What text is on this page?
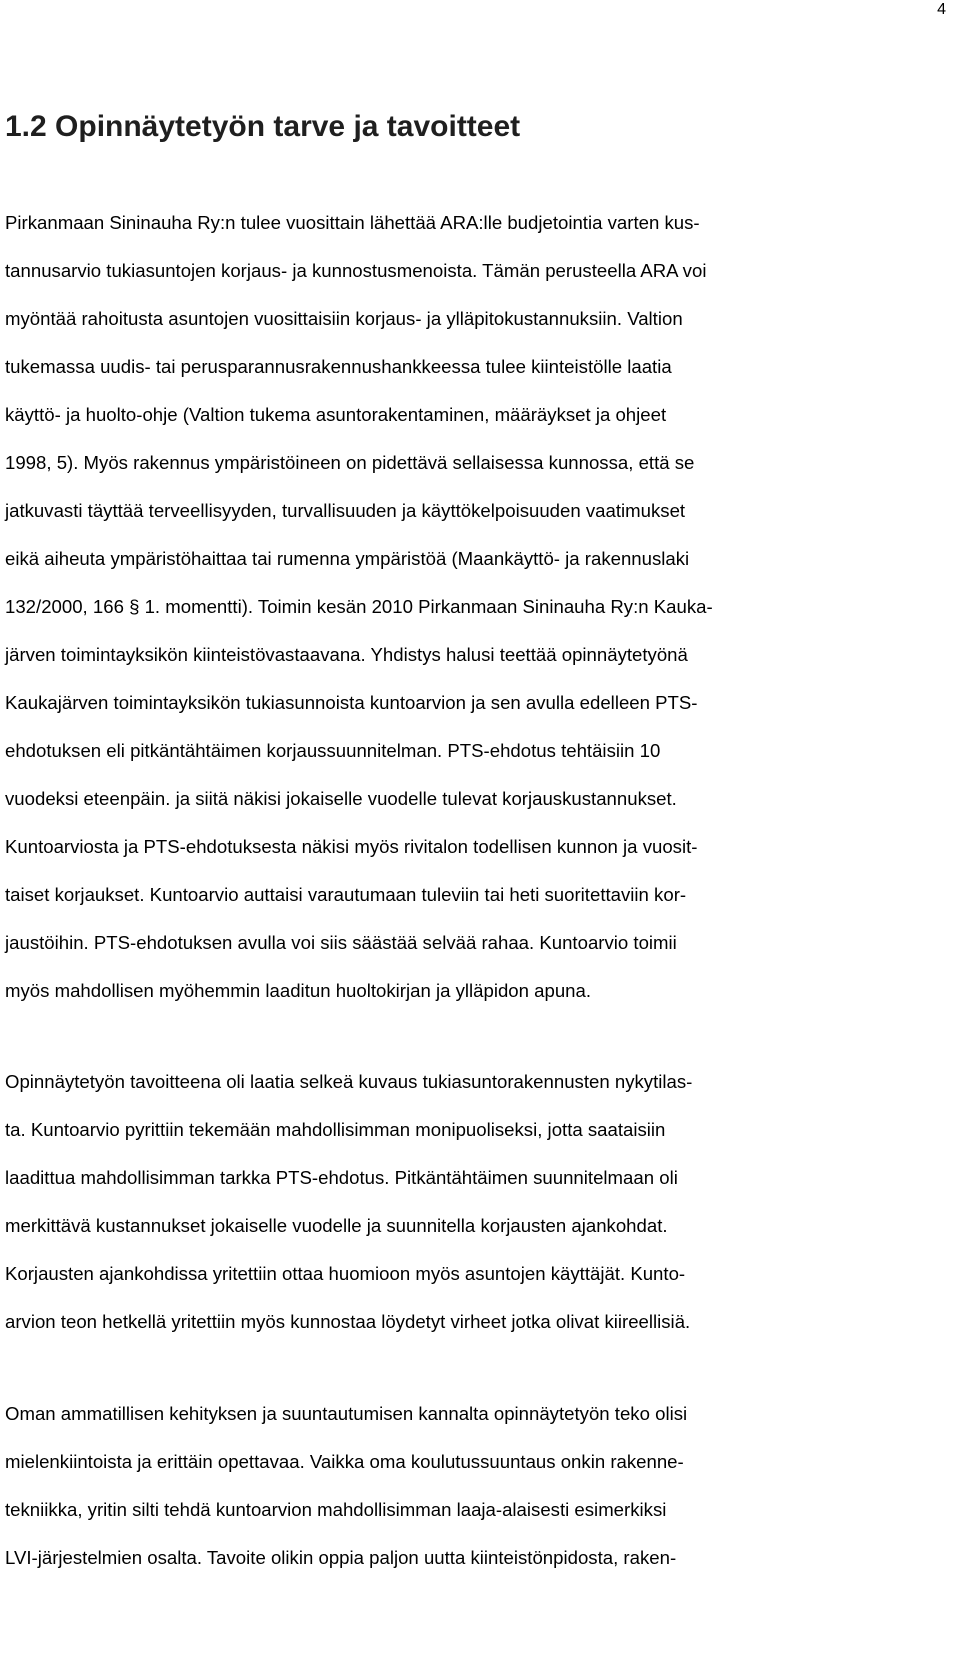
4
1.2 Opinnäytetyön tarve ja tavoitteet

Pirkanmaan Sininauha Ry:n tulee vuosittain lähettää ARA:lle budjetointia varten kus-
tannusarvio tukiasuntojen korjaus- ja kunnostusmenoista. Tämän perusteella ARA voi
myöntää rahoitusta asuntojen vuosittaisiin korjaus- ja ylläpitokustannuksiin. Valtion
tukemassa uudis- tai perusparannusrakennushankkeessa tulee kiinteistölle laatia
käyttö- ja huolto-ohje (Valtion tukema asuntorakentaminen, määräykset ja ohjeet
1998, 5). Myös rakennus ympäristöineen on pidettävä sellaisessa kunnossa, että se
jatkuvasti täyttää terveellisyyden, turvallisuuden ja käyttökelpoisuuden vaatimukset
eikä aiheuta ympäristöhaittaa tai rumenna ympäristöä (Maankäyttö- ja rakennuslaki
132/2000, 166 § 1. momentti). Toimin kesän 2010 Pirkanmaan Sininauha Ry:n Kauka-
järven toimintayksikön kiinteistövastaavana. Yhdistys halusi teettää opinnäytetyönä
Kaukajärven toimintayksikön tukiasunnoista kuntoarvion ja sen avulla edelleen PTS-
ehdotuksen eli pitkäntähtäimen korjaussuunnitelman. PTS-ehdotus tehtäisiin 10
vuodeksi eteenpäin. ja siitä näkisi jokaiselle vuodelle tulevat korjauskustannukset.
Kuntoarviosta ja PTS-ehdotuksesta näkisi myös rivitalon todellisen kunnon ja vuosit-
taiset korjaukset. Kuntoarvio auttaisi varautumaan tuleviin tai heti suoritettaviin kor-
jaustöihin. PTS-ehdotuksen avulla voi siis säästää selvää rahaa. Kuntoarvio toimii
myös mahdollisen myöhemmin laaditun huoltokirjan ja ylläpidon apuna.

Opinnäytetyön tavoitteena oli laatia selkeä kuvaus tukiasuntorakennusten nykytilas-
ta. Kuntoarvio pyrittiin tekemään mahdollisimman monipuoliseksi, jotta saataisiin
laadittua mahdollisimman tarkka PTS-ehdotus. Pitkäntähtäimen suunnitelmaan oli
merkittävä kustannukset jokaiselle vuodelle ja suunnitella korjausten ajankohdat.
Korjausten ajankohdissa yritettiin ottaa huomioon myös asuntojen käyttäjät. Kunto-
arvion teon hetkellä yritettiin myös kunnostaa löydetyt virheet jotka olivat kiireellisiä.

Oman ammatillisen kehityksen ja suuntautumisen kannalta opinnäytetyön teko olisi
mielenkiintoista ja erittäin opettavaa. Vaikka oma koulutussuuntaus onkin rakenne-
tekniikka, yritin silti tehdä kuntoarvion mahdollisimman laaja-alaisesti esimerkiksi
LVI-järjestelmien osalta. Tavoite olikin oppia paljon uutta kiinteistönpidosta, raken-
